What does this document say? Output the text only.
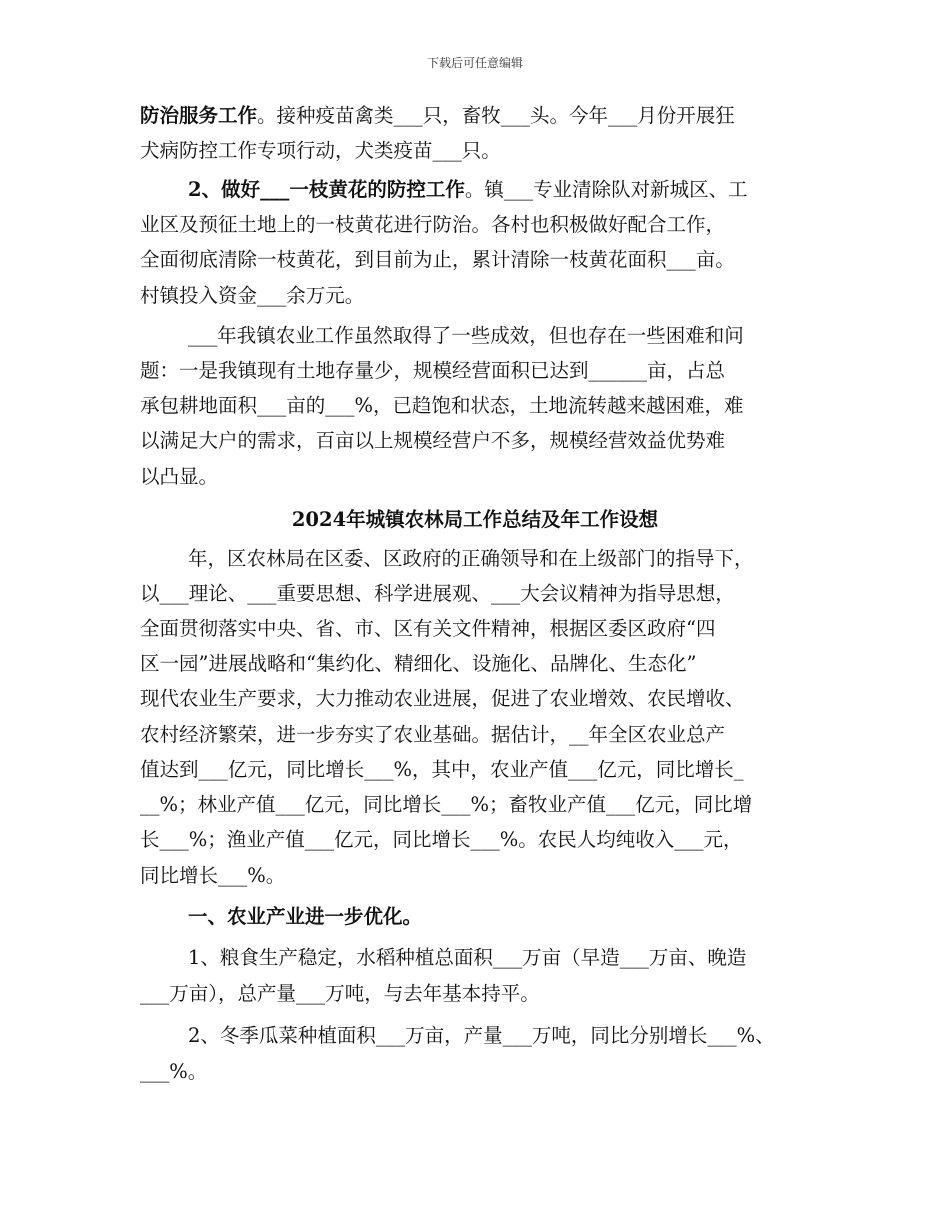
下载后可任意编辑
防治服务工作。接种疫苗禽类___只，畜牧___头。今年___月份开展狂
犬病防控工作专项行动，犬类疫苗___只。
2、做好___一枝黄花的防控工作。镇___专业清除队对新城区、工
业区及预征土地上的一枝黄花进行防治。各村也积极做好配合工作，
全面彻底清除一枝黄花，到目前为止，累计清除一枝黄花面积___亩。
村镇投入资金___余万元。
___年我镇农业工作虽然取得了一些成效，但也存在一些困难和问
题：一是我镇现有土地存量少，规模经营面积已达到______亩，占总
承包耕地面积___亩的___%，已趋饱和状态，土地流转越来越困难，难
以满足大户的需求，百亩以上规模经营户不多，规模经营效益优势难
以凸显。
年，区农林局在区委、区政府的正确领导和在上级部门的指导下，
以___理论、___重要思想、科学进展观、___大会议精神为指导思想，
全面贯彻落实中央、省、市、区有关文件精神，根据区委区政府“四
区一园”进展战略和“集约化、精细化、设施化、品牌化、生态化”
现代农业生产要求，大力推动农业进展，促进了农业增效、农民增收、
农村经济繁荣，进一步夯实了农业基础。据估计，__年全区农业总产
值达到___亿元，同比增长___%，其中，农业产值___亿元，同比增长_
__%；林业产值___亿元，同比增长___%；畜牧业产值___亿元，同比增
长___%；渔业产值___亿元，同比增长___%。农民人均纯收入___元，
同比增长___%。
一、农业产业进一步优化。
1、粮食生产稳定，水稻种植总面积___万亩（早造___万亩、晚造
___万亩），总产量___万吨，与去年基本持平。
2、冬季瓜菜种植面积___万亩，产量___万吨，同比分别增长___%、
___%。
2024年城镇农林局工作总结及年工作设想
